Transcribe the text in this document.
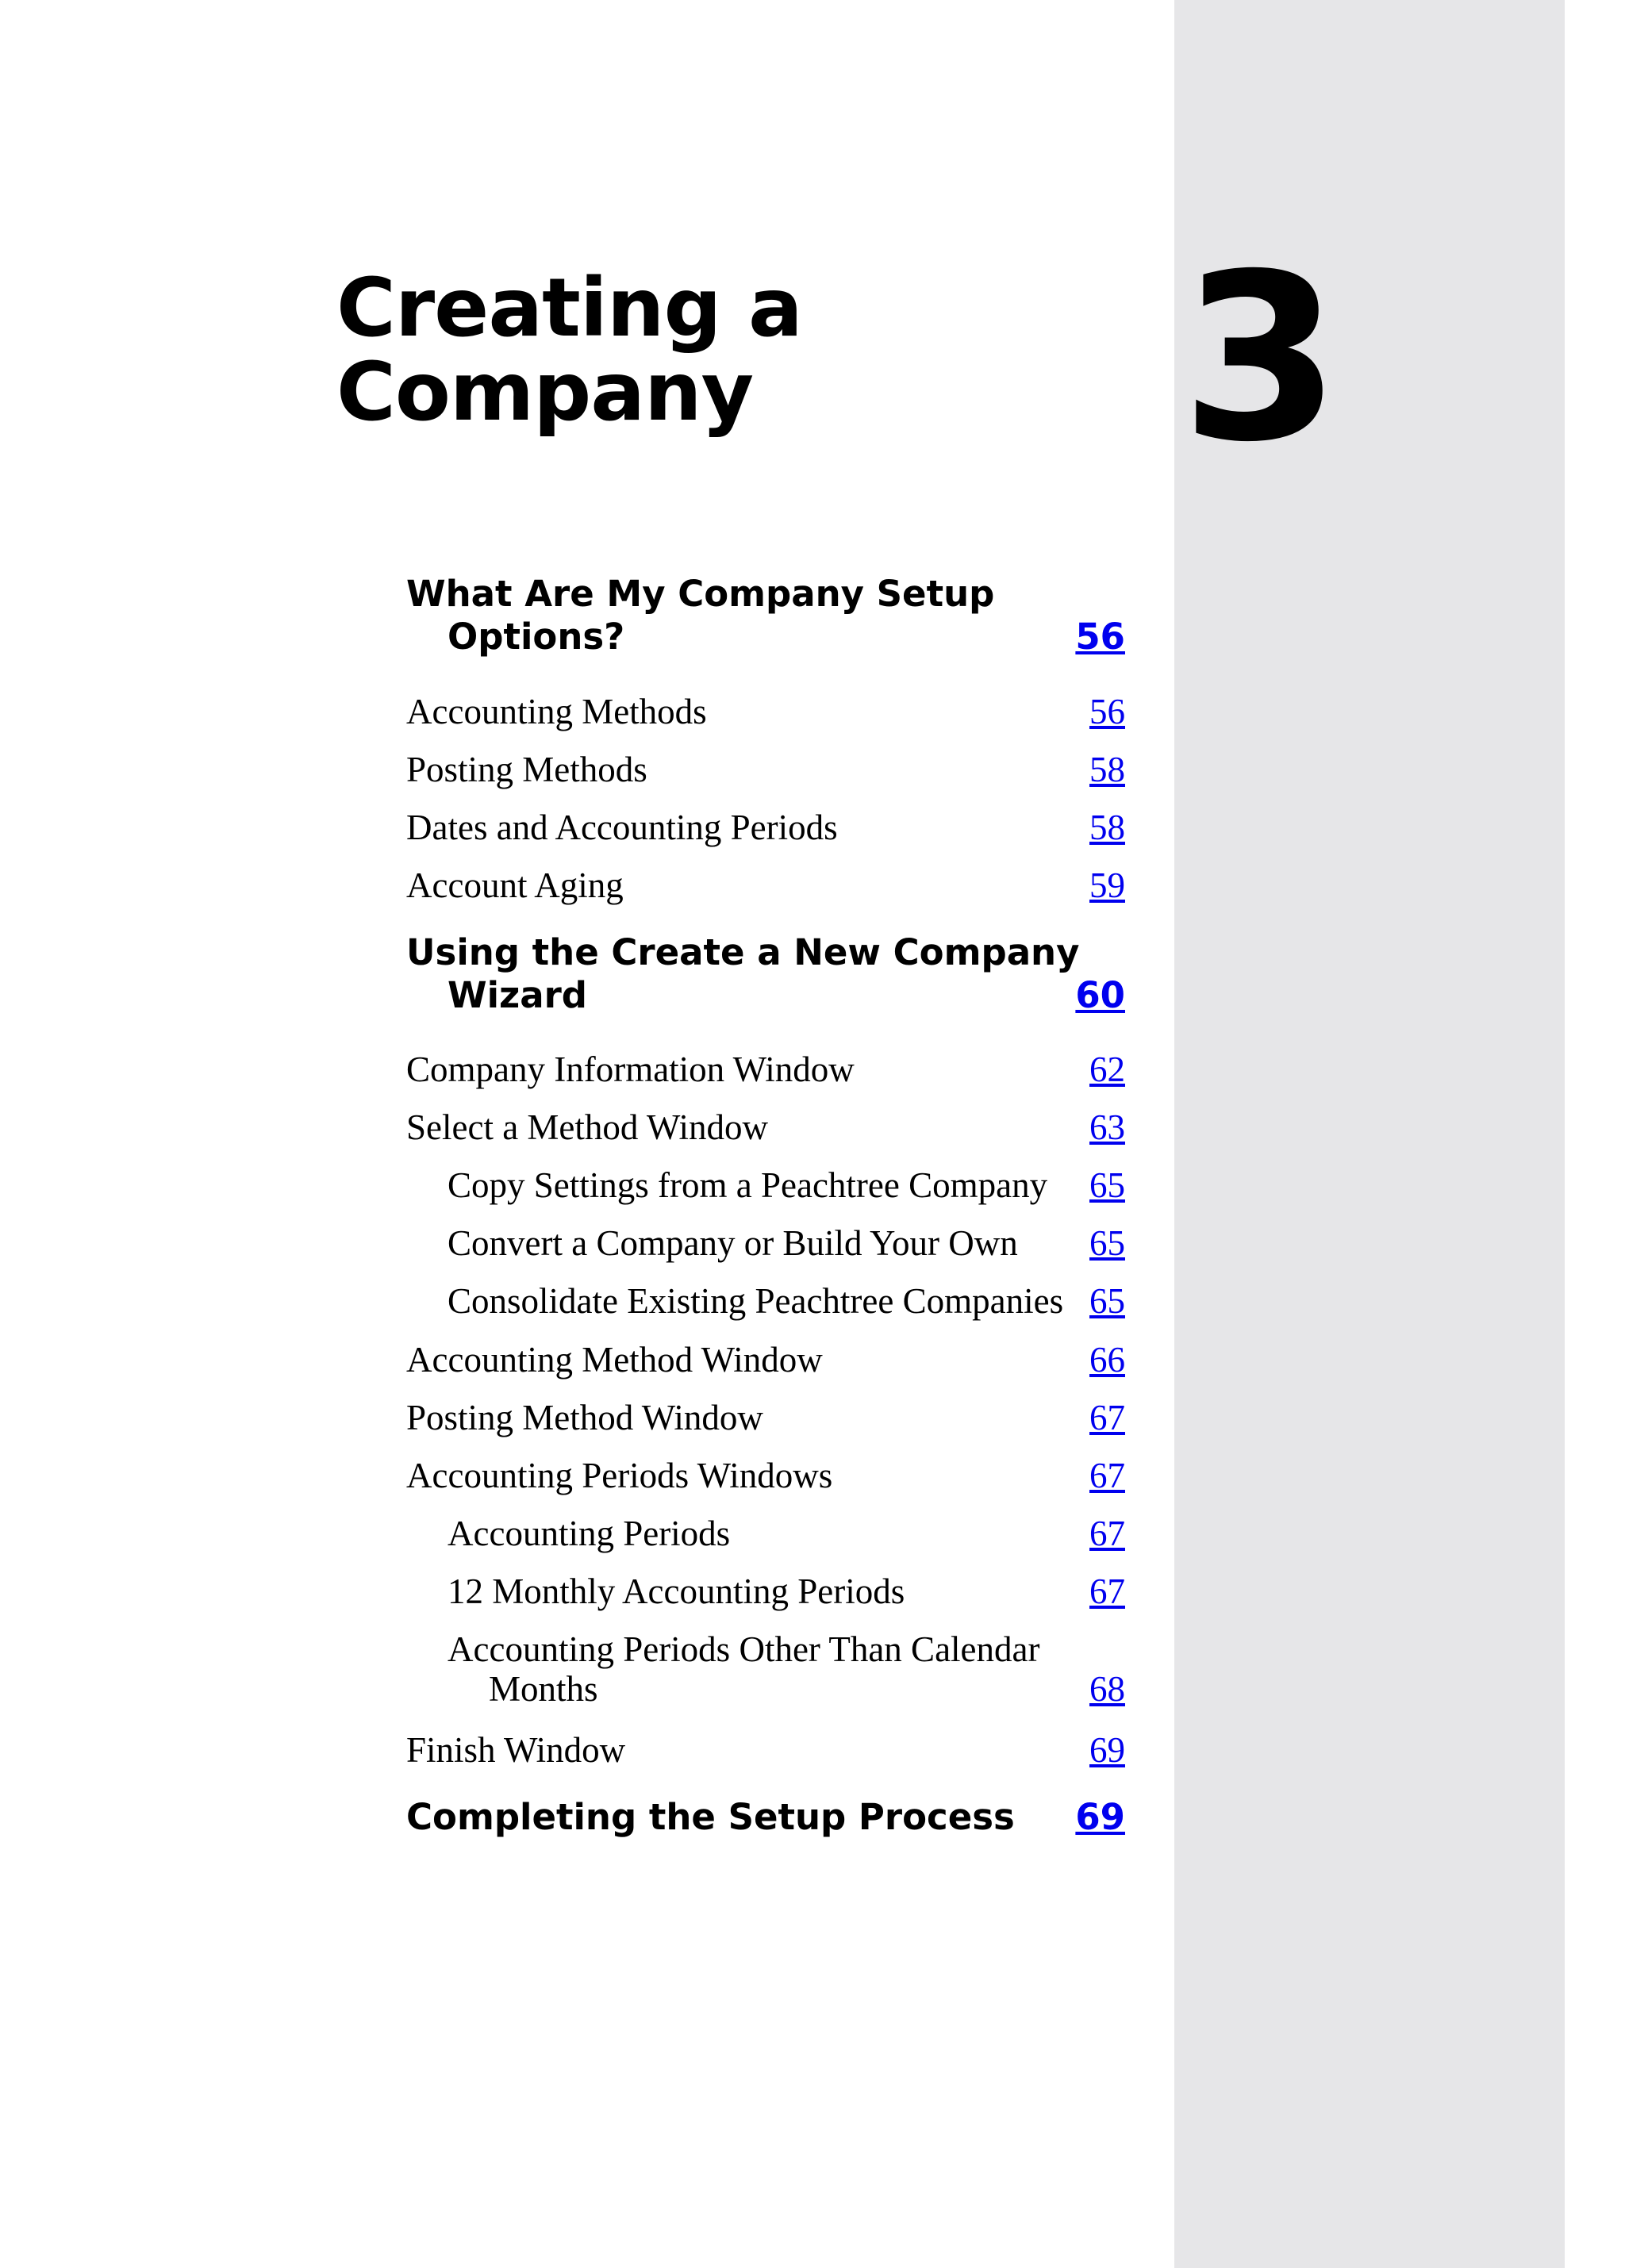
3
Creating a
Company
What Are My Company Setup
Options?	56
Accounting Methods	56
Posting Methods	58
Dates and Accounting Periods	58
Account Aging	59
Using the Create a New Company
Wizard	60
Company Information Window	62
Select a Method Window	63
Copy Settings from a Peachtree Company 65
Convert a Company or Build Your Own 65
Consolidate Existing Peachtree Companies 65
Accounting Method Window	66
Posting Method Window	67
Accounting Periods Windows	67
Accounting Periods	67
12 Monthly Accounting Periods	67
Accounting Periods Other Than Calendar
Months	68
Finish Window	69
Completing the Setup Process 69
